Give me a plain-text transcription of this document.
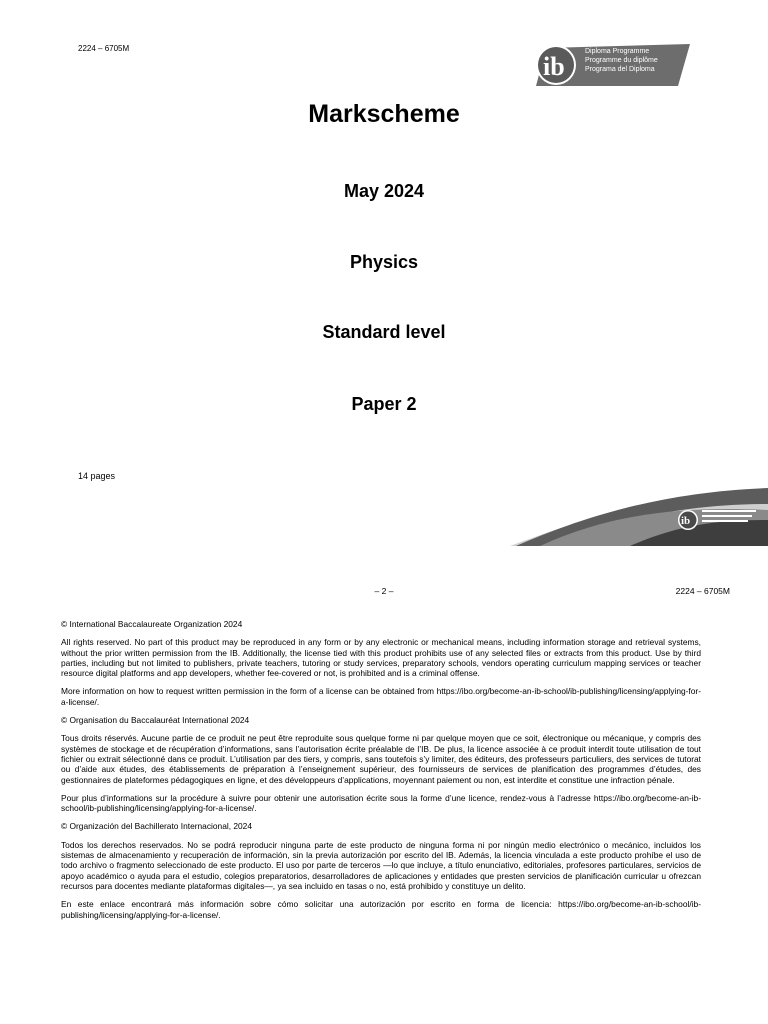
2224 – 6705M
ib
Diploma Programme
Programme du diplôme
Programa del Diploma
Markscheme
May 2024
Physics
Standard level
Paper 2
14 pages
ib
– 2 –	2224 – 6705M

© International Baccalaureate Organization 2024

All rights reserved. No part of this product may be reproduced in any form or by any electronic or mechanical means, including information storage and retrieval systems, without the prior written permission from the IB. Additionally, the license tied with this product prohibits use of any selected files or extracts from this product. Use by third parties, including but not limited to publishers, private teachers, tutoring or study services, preparatory schools, vendors operating curriculum mapping services or teacher resource digital platforms and app developers, whether fee-covered or not, is prohibited and is a criminal offense.

More information on how to request written permission in the form of a license can be obtained from https://ibo.org/become-an-ib-school/ib-publishing/licensing/applying-for-a-license/.

© Organisation du Baccalauréat International 2024

Tous droits réservés. Aucune partie de ce produit ne peut être reproduite sous quelque forme ni par quelque moyen que ce soit, électronique ou mécanique, y compris des systèmes de stockage et de récupération d’informations, sans l’autorisation écrite préalable de l’IB. De plus, la licence associée à ce produit interdit toute utilisation de tout fichier ou extrait sélectionné dans ce produit. L’utilisation par des tiers, y compris, sans toutefois s’y limiter, des éditeurs, des professeurs particuliers, des services de tutorat ou d’aide aux études, des établissements de préparation à l’enseignement supérieur, des fournisseurs de services de planification des programmes d’études, des gestionnaires de plateformes pédagogiques en ligne, et des développeurs d’applications, moyennant paiement ou non, est interdite et constitue une infraction pénale.

Pour plus d’informations sur la procédure à suivre pour obtenir une autorisation écrite sous la forme d’une licence, rendez-vous à l’adresse https://ibo.org/become-an-ib-school/ib-publishing/licensing/applying-for-a-license/.

© Organización del Bachillerato Internacional, 2024

Todos los derechos reservados. No se podrá reproducir ninguna parte de este producto de ninguna forma ni por ningún medio electrónico o mecánico, incluidos los sistemas de almacenamiento y recuperación de información, sin la previa autorización por escrito del IB. Además, la licencia vinculada a este producto prohíbe el uso de todo archivo o fragmento seleccionado de este producto. El uso por parte de terceros —lo que incluye, a título enunciativo, editoriales, profesores particulares, servicios de apoyo académico o ayuda para el estudio, colegios preparatorios, desarrolladores de aplicaciones y entidades que presten servicios de planificación curricular u ofrezcan recursos para docentes mediante plataformas digitales—, ya sea incluido en tasas o no, está prohibido y constituye un delito.

En este enlace encontrará más información sobre cómo solicitar una autorización por escrito en forma de licencia: https://ibo.org/become-an-ib-school/ib-publishing/licensing/applying-for-a-license/.
